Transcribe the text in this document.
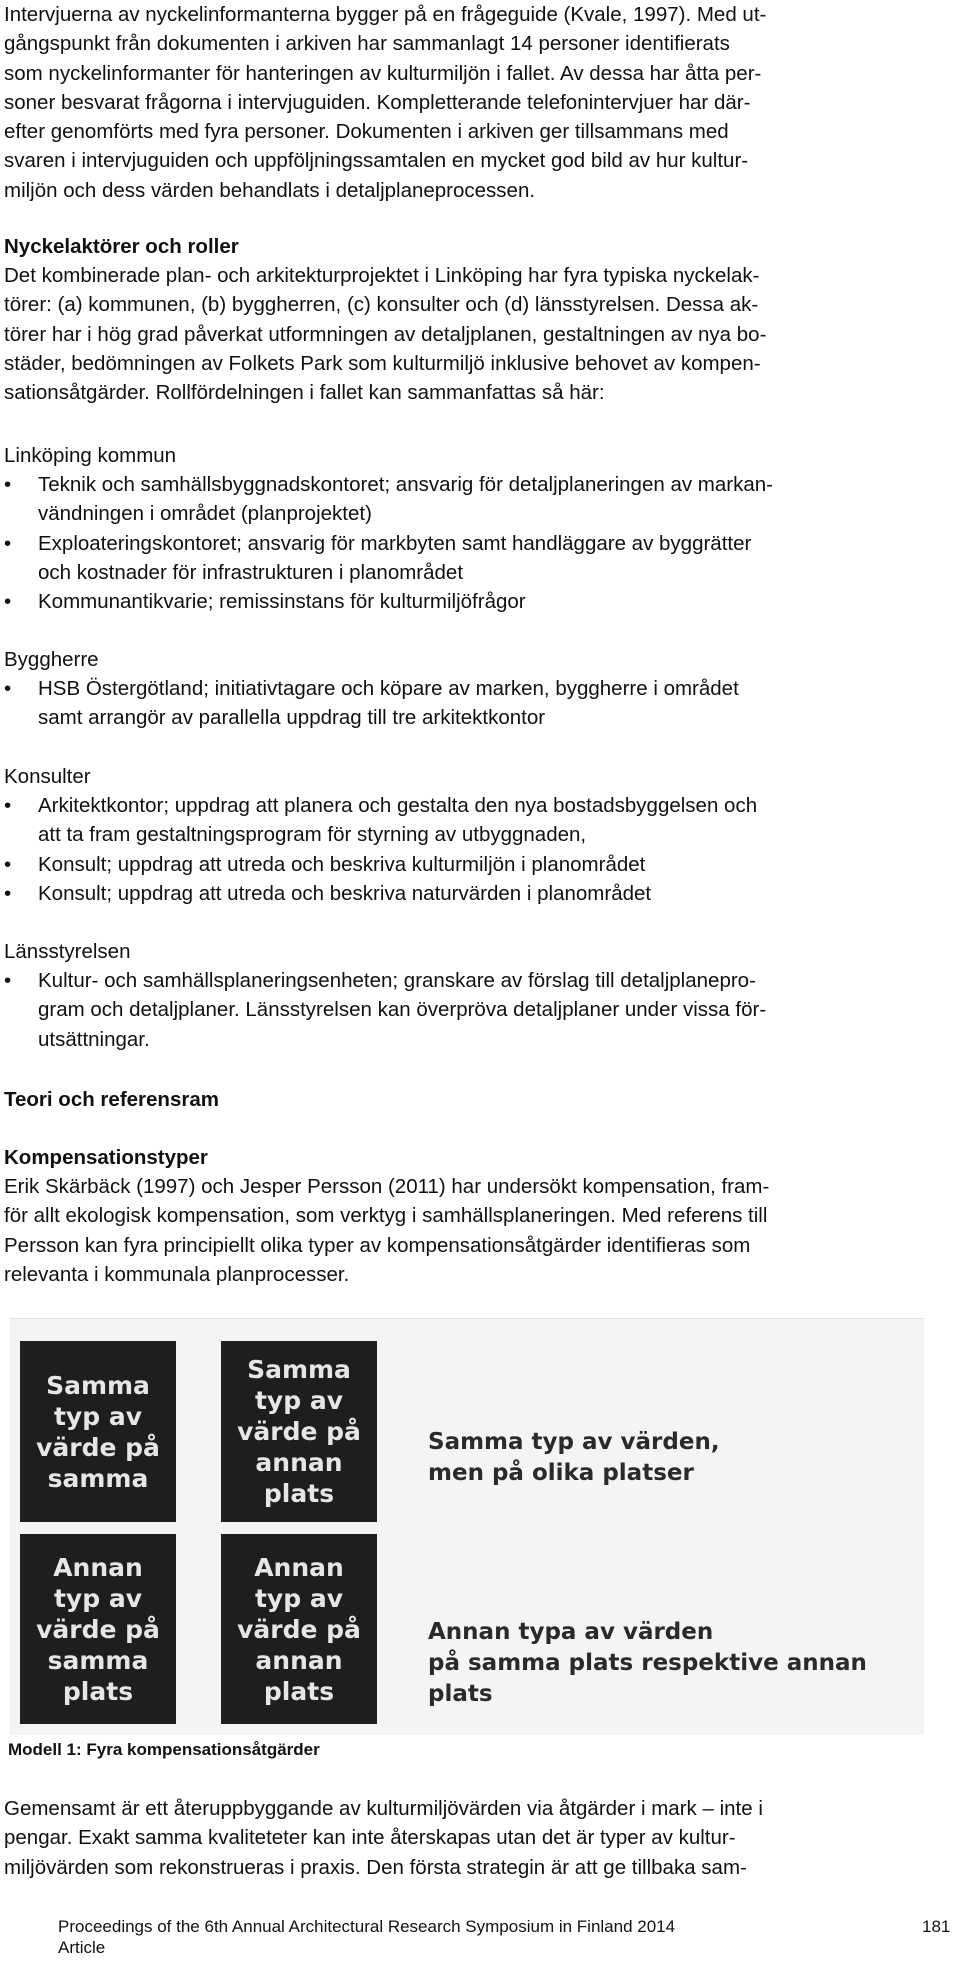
Intervjuerna av nyckelinformanterna bygger på en frågeguide (Kvale, 1997). Med ut-
gångspunkt från dokumenten i arkiven har sammanlagt 14 personer identifierats
som nyckelinformanter för hanteringen av kulturmiljön i fallet. Av dessa har åtta per-
soner besvarat frågorna i intervjuguiden. Kompletterande telefonintervjuer har där-
efter genomförts med fyra personer. Dokumenten i arkiven ger tillsammans med
svaren i intervjuguiden och uppföljningssamtalen en mycket god bild av hur kultur-
miljön och dess värden behandlats i detaljplaneprocessen.
Nyckelaktörer och roller
Det kombinerade plan- och arkitekturprojektet i Linköping har fyra typiska nyckelak-
törer: (a) kommunen, (b) byggherren, (c) konsulter och (d) länsstyrelsen. Dessa ak-
törer har i hög grad påverkat utformningen av detaljplanen, gestaltningen av nya bo-
städer, bedömningen av Folkets Park som kulturmiljö inklusive behovet av kompen-
sationsåtgärder. Rollfördelningen i fallet kan sammanfattas så här:
Linköping kommun
• Teknik och samhällsbyggnadskontoret; ansvarig för detaljplaneringen av markan-
vändningen i området (planprojektet)
• Exploateringskontoret; ansvarig för markbyten samt handläggare av byggrätter
och kostnader för infrastrukturen i planområdet
• Kommunantikvarie; remissinstans för kulturmiljöfrågor
Byggherre
• HSB Östergötland; initiativtagare och köpare av marken, byggherre i området
samt arrangör av parallella uppdrag till tre arkitektkontor
Konsulter
• Arkitektkontor; uppdrag att planera och gestalta den nya bostadsbyggelsen och
att ta fram gestaltningsprogram för styrning av utbyggnaden,
• Konsult; uppdrag att utreda och beskriva kulturmiljön i planområdet
• Konsult; uppdrag att utreda och beskriva naturvärden i planområdet
Länsstyrelsen
• Kultur- och samhällsplaneringsenheten; granskare av förslag till detaljplanepro-
gram och detaljplaner. Länsstyrelsen kan överpröva detaljplaner under vissa för-
utsättningar.
Teori och referensram
Kompensationstyper
Erik Skärbäck (1997) och Jesper Persson (2011) har undersökt kompensation, fram-
för allt ekologisk kompensation, som verktyg i samhällsplaneringen. Med referens till
Persson kan fyra principiellt olika typer av kompensationsåtgärder identifieras som
relevanta i kommunala planprocesser.
Samma
typ av
värde på
samma
Samma
typ av
värde på
annan
plats
Annan
typ av
värde på
samma
plats
Annan
typ av
värde på
annan
plats
Samma typ av värden,
men på olika platser
Annan typa av värden
på samma plats respektive annan plats
Modell 1: Fyra kompensationsåtgärder
Gemensamt är ett återuppbyggande av kulturmiljövärden via åtgärder i mark – inte i
pengar. Exakt samma kvaliteteter kan inte återskapas utan det är typer av kultur-
miljövärden som rekonstrueras i praxis. Den första strategin är att ge tillbaka sam-
Proceedings of the 6th Annual Architectural Research Symposium in Finland 2014
Article
181
